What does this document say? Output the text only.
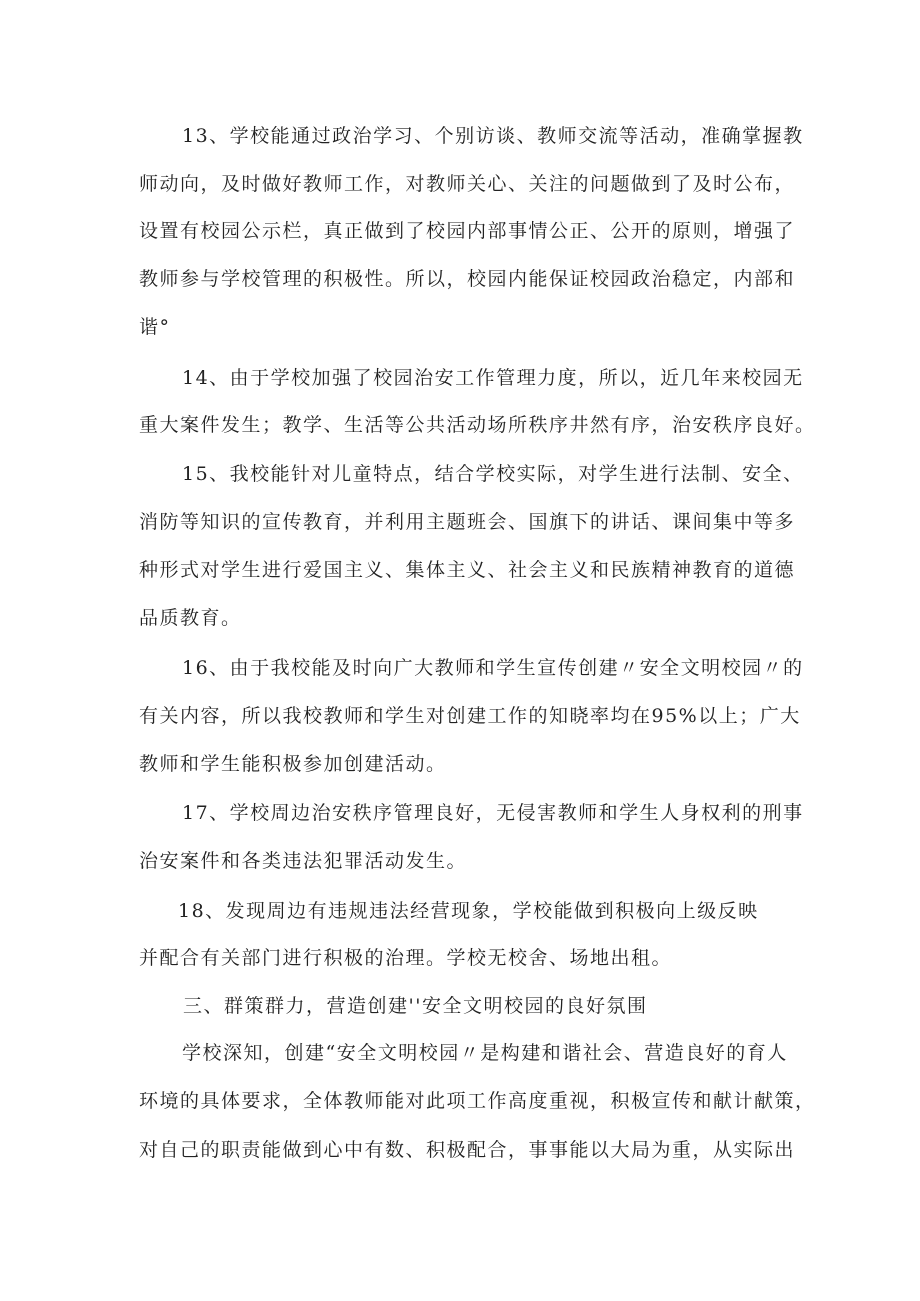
13、学校能通过政治学习、个别访谈、教师交流等活动，准确掌握教
师动向，及时做好教师工作，对教师关心、关注的问题做到了及时公布，
设置有校园公示栏，真正做到了校园内部事情公正、公开的原则，增强了
教师参与学校管理的积极性。所以，校园内能保证校园政治稳定，内部和
谐°
14、由于学校加强了校园治安工作管理力度，所以，近几年来校园无
重大案件发生；教学、生活等公共活动场所秩序井然有序，治安秩序良好。
15、我校能针对儿童特点，结合学校实际，对学生进行法制、安全、
消防等知识的宣传教育，并利用主题班会、国旗下的讲话、课间集中等多
种形式对学生进行爱国主义、集体主义、社会主义和民族精神教育的道德
品质教育。
16、由于我校能及时向广大教师和学生宣传创建〃安全文明校园〃的
有关内容，所以我校教师和学生对创建工作的知晓率均在95%以上；广大
教师和学生能积极参加创建活动。
17、学校周边治安秩序管理良好，无侵害教师和学生人身权利的刑事
治安案件和各类违法犯罪活动发生。
18、发现周边有违规违法经营现象，学校能做到积极向上级反映
并配合有关部门进行积极的治理。学校无校舍、场地出租。
三、群策群力，营造创建''安全文明校园的良好氛围
学校深知，创建“安全文明校园〃是构建和谐社会、营造良好的育人
环境的具体要求，全体教师能对此项工作高度重视，积极宣传和献计献策，
对自己的职责能做到心中有数、积极配合，事事能以大局为重，从实际出
